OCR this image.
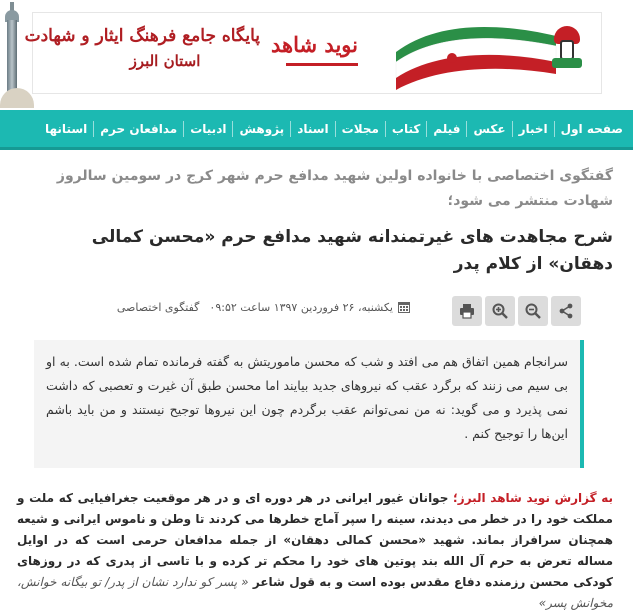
پایگاه جامع فرهنگ ایثار و شهادت
استان البرز
نوید شاهد
صفحه اول
اخبار
عکس
فیلم
کتاب
مجلات
اسناد
پژوهش
ادبیات
مدافعان حرم
استانها
گفتگوی اختصاصی با خانواده اولین شهید مدافع حرم شهر کرج در سومین سالروز شهادت منتشر می شود؛
شرح مجاهدت های غیرتمندانه شهید مدافع حرم «محسن کمالی دهقان» از کلام پدر
یکشنبه، ۲۶ فروردین ۱۳۹۷ ساعت ۰۹:۵۲
گفتگوی اختصاصی
سرانجام همین اتفاق هم می افتد و شب که محسن ماموریتش به گفته فرمانده تمام شده است. به او بی سیم می زنند که برگرد عقب که نیروهای جدید بیایند اما محسن طبق آن غیرت و تعصبی که داشت نمی پذیرد و می گوید: نه من نمی‌توانم عقب برگردم چون این نیروها توجیح نیستند و من باید باشم این‌ها را توجیح کنم .
به گزارش نوید شاهد البرز؛ جوانان غیور ایرانی در هر دوره ای و در هر موقعیت جغرافیایی که ملت و مملکت خود را در خطر می دیدند، سینه را سپر آماج خطرها می کردند تا وطن و ناموس ایرانی و شیعه همچنان سرافراز بماند. شهید «محسن کمالی دهقان» از جمله مدافعان حرمی است که در اوایل مساله تعرض به حرم آل الله بند پوتین های خود را محکم تر کرده و با تاسی از پدری که در روزهای کودکی محسن رزمنده دفاع مقدس بوده است و به قول شاعر « پسر کو ندارد نشان از پدر/ تو بیگانه خوانش، مخوانش پسر»
